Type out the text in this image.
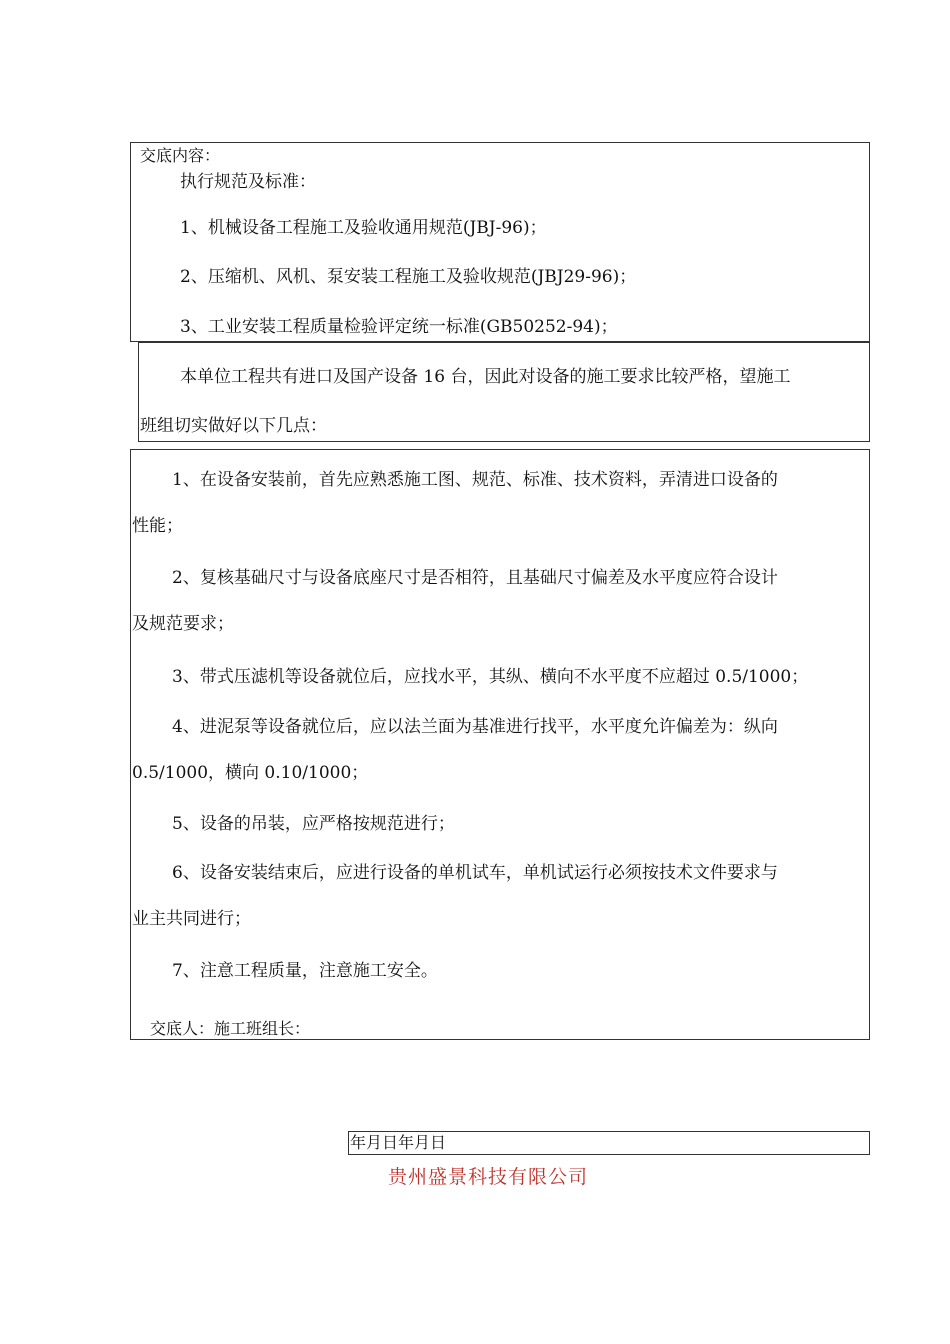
交底内容：
执行规范及标准：
1、机械设备工程施工及验收通用规范(JBJ-96)；
2、压缩机、风机、泵安装工程施工及验收规范(JBJ29-96)；
3、工业安装工程质量检验评定统一标准(GB50252-94)；
本单位工程共有进口及国产设备 16 台，因此对设备的施工要求比较严格，望施工
班组切实做好以下几点：
1、在设备安装前，首先应熟悉施工图、规范、标准、技术资料，弄清进口设备的
性能；
2、复核基础尺寸与设备底座尺寸是否相符，且基础尺寸偏差及水平度应符合设计
及规范要求；
3、带式压滤机等设备就位后，应找水平，其纵、横向不水平度不应超过 0.5/1000；
4、进泥泵等设备就位后，应以法兰面为基准进行找平，水平度允许偏差为：纵向
0.5/1000，横向 0.10/1000；
5、设备的吊装，应严格按规范进行；
6、设备安装结束后，应进行设备的单机试车，单机试运行必须按技术文件要求与
业主共同进行；
7、注意工程质量，注意施工安全。
交底人：施工班组长：
年月日年月日
贵州盛景科技有限公司
